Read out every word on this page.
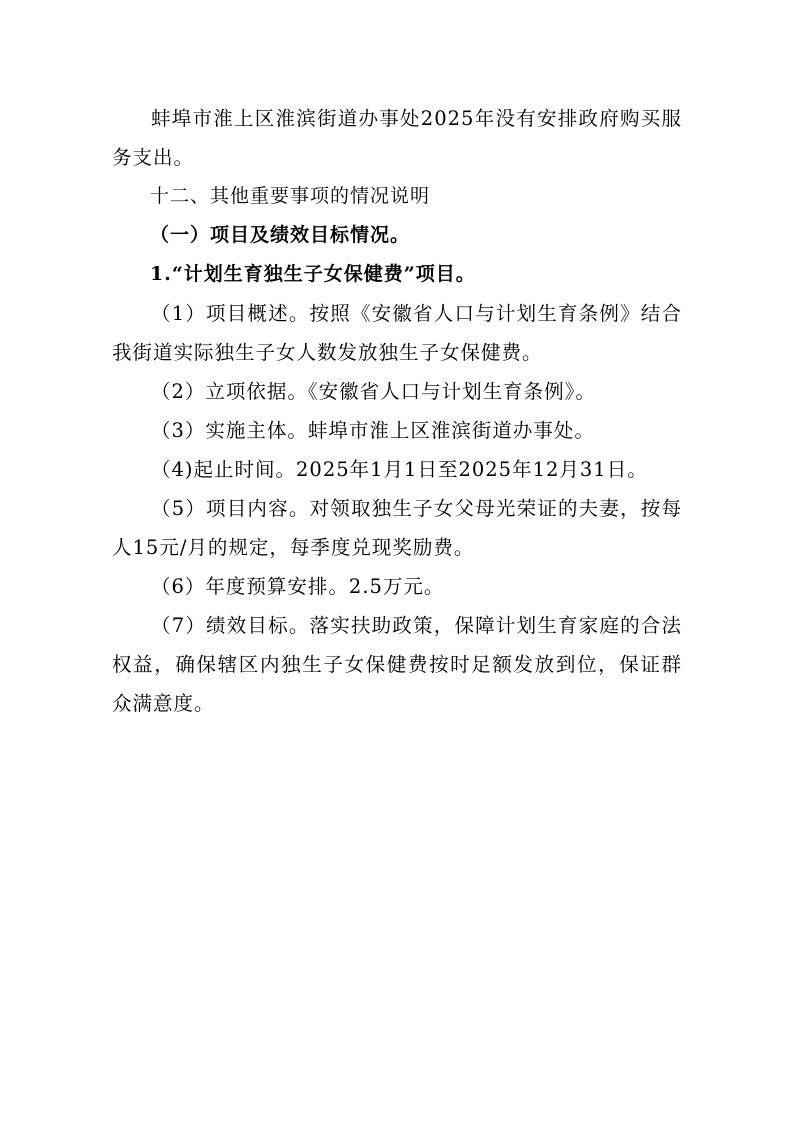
蚌埠市淮上区淮滨街道办事处2025年没有安排政府购买服务支出。

十二、其他重要事项的情况说明

（一）项目及绩效目标情况。

1.“计划生育独生子女保健费”项目。

（1）项目概述。按照《安徽省人口与计划生育条例》结合我街道实际独生子女人数发放独生子女保健费。

（2）立项依据。《安徽省人口与计划生育条例》。

（3）实施主体。蚌埠市淮上区淮滨街道办事处。

（4)起止时间。2025年1月1日至2025年12月31日。

（5）项目内容。对领取独生子女父母光荣证的夫妻，按每人15元/月的规定，每季度兑现奖励费。

（6）年度预算安排。2.5万元。

（7）绩效目标。落实扶助政策，保障计划生育家庭的合法权益，确保辖区内独生子女保健费按时足额发放到位，保证群众满意度。
